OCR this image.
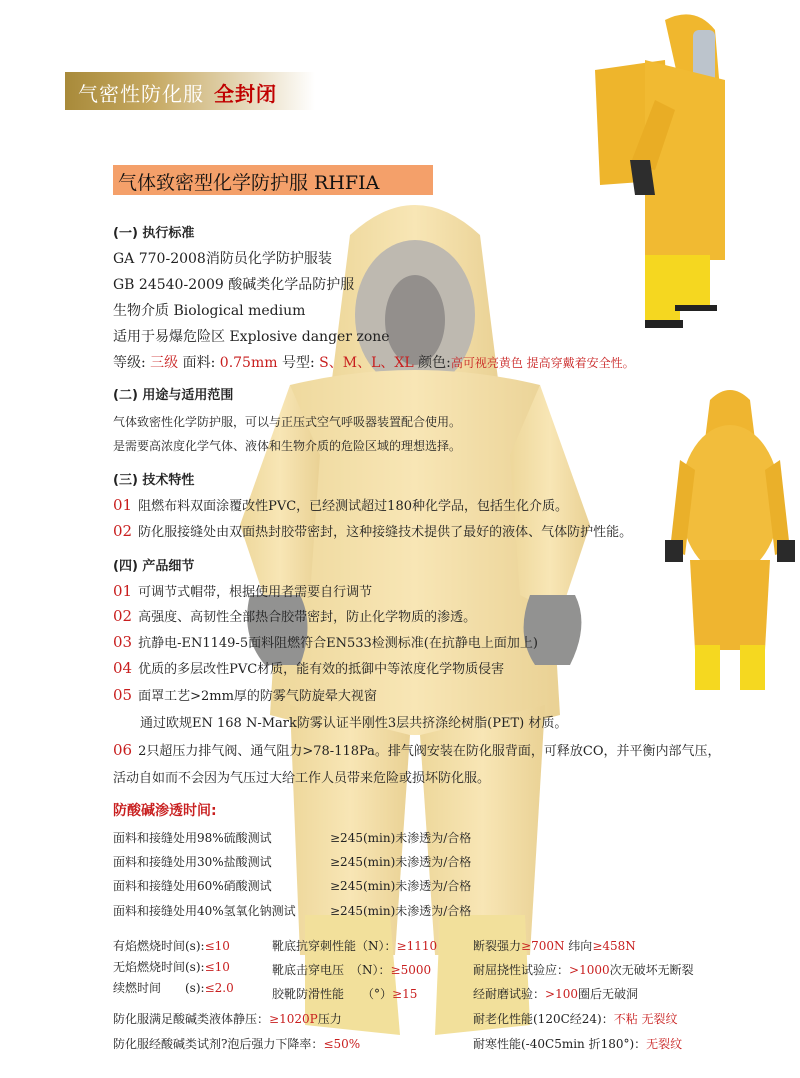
气密性防化服 全封闭
气体致密型化学防护服 RHFIA
(一) 执行标准
GA 770-2008消防员化学防护服装
GB 24540-2009 酸碱类化学品防护服
生物介质 Biological medium
适用于易爆危险区 Explosive danger zone
等级: 三级 面料: 0.75mm 号型: S、M、L、XL 颜色:高可视亮黄色 提高穿戴着安全性。
(二) 用途与适用范围
气体致密性化学防护服，可以与正压式空气呼吸器装置配合使用。
是需要高浓度化学气体、液体和生物介质的危险区域的理想选择。
(三) 技术特性
01 阻燃布料双面涂覆改性PVC，已经测试超过180种化学品，包括生化介质。
02 防化服接缝处由双面热封胶带密封，这种接缝技术提供了最好的液体、气体防护性能。
(四) 产品细节
01 可调节式帽带，根据使用者需要自行调节
02 高强度、高韧性全部热合胶带密封，防止化学物质的渗透。
03 抗静电-EN1149-5面料阻燃符合EN533检测标准(在抗静电上面加上)
04 优质的多层改性PVC材质，能有效的抵御中等浓度化学物质侵害
05 面罩工艺>2mm厚的防雾气防旋晕大视窗
通过欧规EN 168 N-Mark防雾认证半刚性3层共挤涤纶树脂(PET) 材质。
06 2只超压力排气阀、通气阻力>78-118Pa。排气阀安装在防化服背面，可释放CO，并平衡内部气压，
活动自如而不会因为气压过大给工作人员带来危险或损坏防化服。
防酸碱渗透时间:
面料和接缝处用98%硫酸测试	≥245(min)未渗透为/合格
面料和接缝处用30%盐酸测试	≥245(min)未渗透为/合格
面料和接缝处用60%硝酸测试	≥245(min)未渗透为/合格
面料和接缝处用40%氢氧化钠测试	≥245(min)未渗透为/合格
有焰燃烧时间(s):≤10
无焰燃烧时间(s):≤10
续燃时间　　(s):≤2.0
靴底抗穿刺性能（N）：≥1110
靴底击穿电压　（N）：≥5000
胶靴防滑性能　　（°）≥15
断裂强力≥700N 纬向≥458N
耐屈挠性试验应：>1000次无破坏无断裂
经耐磨试验：>100圈后无破洞
防化服满足酸碱类液体静压：≥1020P压力
防化服经酸碱类试剂?泡后强力下降率：≤50%
耐老化性能(120C经24)：不粘 无裂纹
耐寒性能(-40C5min 折180°)：无裂纹
